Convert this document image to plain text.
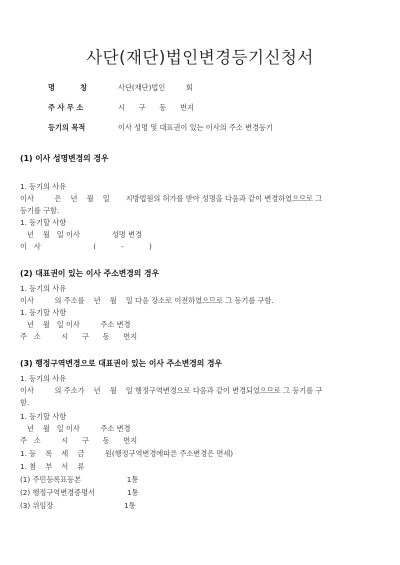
사단(재단)법인변경등기신청서
명          칭	사단(재단)법인         회
주 사 무 소	시      구      동      번지
등기의 목적	이사 성명 및 대표권이 있는 이사의 주소 변경등기
(1) 이사 성명변경의 경우
1. 등기의 사유
이사         은    년    월    일       지방법원의 허가를 받아 성명을 다음과 같이 변경하였으므로 그
등기를 구함.
1. 등기할 사항
년    월   일 이사              성명 변경
이   사                       (           -           )
(2) 대표권이 있는 이사 주소변경의 경우
1. 등기의 사유
이사         의 주소를    년    월    일 다음 장소로 이전하였으므로 그 등기를 구함.
1. 등기할 사항
년    월   일 이사         주소 변경
주   소         시      구      동      번지
(3) 행정구역변경으로 대표권이 있는 이사 주소변경의 경우
1. 등기의 사유
이사         의 주소가    년    월    일 행정구역변경으로 다음과 같이 변경되었으므로 그 등기를 구
함.
1. 등기할 사항
년    월   일 이사         주소 변경
주   소         시      구      동      번지
1. 등    록    세    금         원(행정구역변경에따른 주소변경은 면세)
1. 첨    부    서    류
(1) 주민등록표등본                    1통
(2) 행정구역변경증명서              1통
(3) 위임장                               1통
